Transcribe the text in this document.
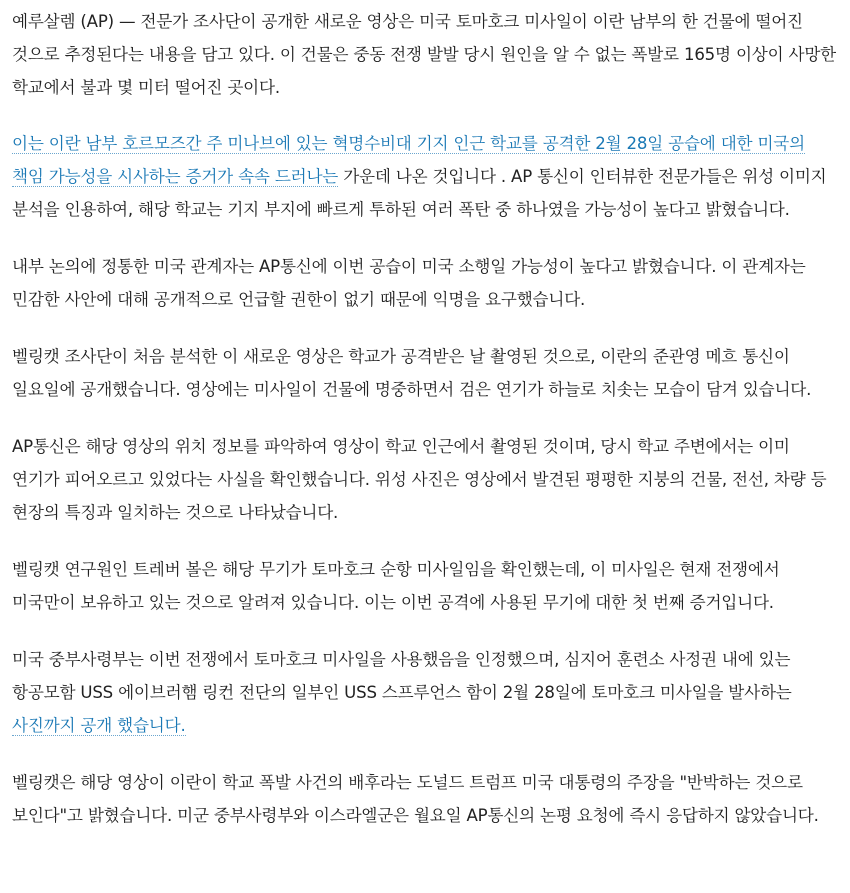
예루살렘 (AP) — 전문가 조사단이 공개한 새로운 영상은 미국 토마호크 미사일이 이란 남부의 한 건물에 떨어진 것으로 추정된다는 내용을 담고 있다. 이 건물은 중동 전쟁 발발 당시 원인을 알 수 없는 폭발로 165명 이상이 사망한 학교에서 불과 몇 미터 떨어진 곳이다.

이는 이란 남부 호르모즈간 주 미나브에 있는 혁명수비대 기지 인근 학교를 공격한 2월 28일 공습에 대한 미국의 책임 가능성을 시사하는 증거가 속속 드러나는 가운데 나온 것입니다 . AP 통신이 인터뷰한 전문가들은 위성 이미지 분석을 인용하여, 해당 학교는 기지 부지에 빠르게 투하된 여러 폭탄 중 하나였을 가능성이 높다고 밝혔습니다.

내부 논의에 정통한 미국 관계자는 AP통신에 이번 공습이 미국 소행일 가능성이 높다고 밝혔습니다. 이 관계자는 민감한 사안에 대해 공개적으로 언급할 권한이 없기 때문에 익명을 요구했습니다.

벨링캣 조사단이 처음 분석한 이 새로운 영상은 학교가 공격받은 날 촬영된 것으로, 이란의 준관영 메흐 통신이 일요일에 공개했습니다. 영상에는 미사일이 건물에 명중하면서 검은 연기가 하늘로 치솟는 모습이 담겨 있습니다.

AP통신은 해당 영상의 위치 정보를 파악하여 영상이 학교 인근에서 촬영된 것이며, 당시 학교 주변에서는 이미 연기가 피어오르고 있었다는 사실을 확인했습니다. 위성 사진은 영상에서 발견된 평평한 지붕의 건물, 전선, 차량 등 현장의 특징과 일치하는 것으로 나타났습니다.

벨링캣 연구원인 트레버 볼은 해당 무기가 토마호크 순항 미사일임을 확인했는데, 이 미사일은 현재 전쟁에서 미국만이 보유하고 있는 것으로 알려져 있습니다. 이는 이번 공격에 사용된 무기에 대한 첫 번째 증거입니다.

미국 중부사령부는 이번 전쟁에서 토마호크 미사일을 사용했음을 인정했으며, 심지어 훈련소 사정권 내에 있는 항공모함 USS 에이브러햄 링컨 전단의 일부인 USS 스프루언스 함이 2월 28일에 토마호크 미사일을 발사하는 사진까지 공개 했습니다.

벨링캣은 해당 영상이 이란이 학교 폭발 사건의 배후라는 도널드 트럼프 미국 대통령의 주장을 "반박하는 것으로 보인다"고 밝혔습니다. 미군 중부사령부와 이스라엘군은 월요일 AP통신의 논평 요청에 즉시 응답하지 않았습니다.
